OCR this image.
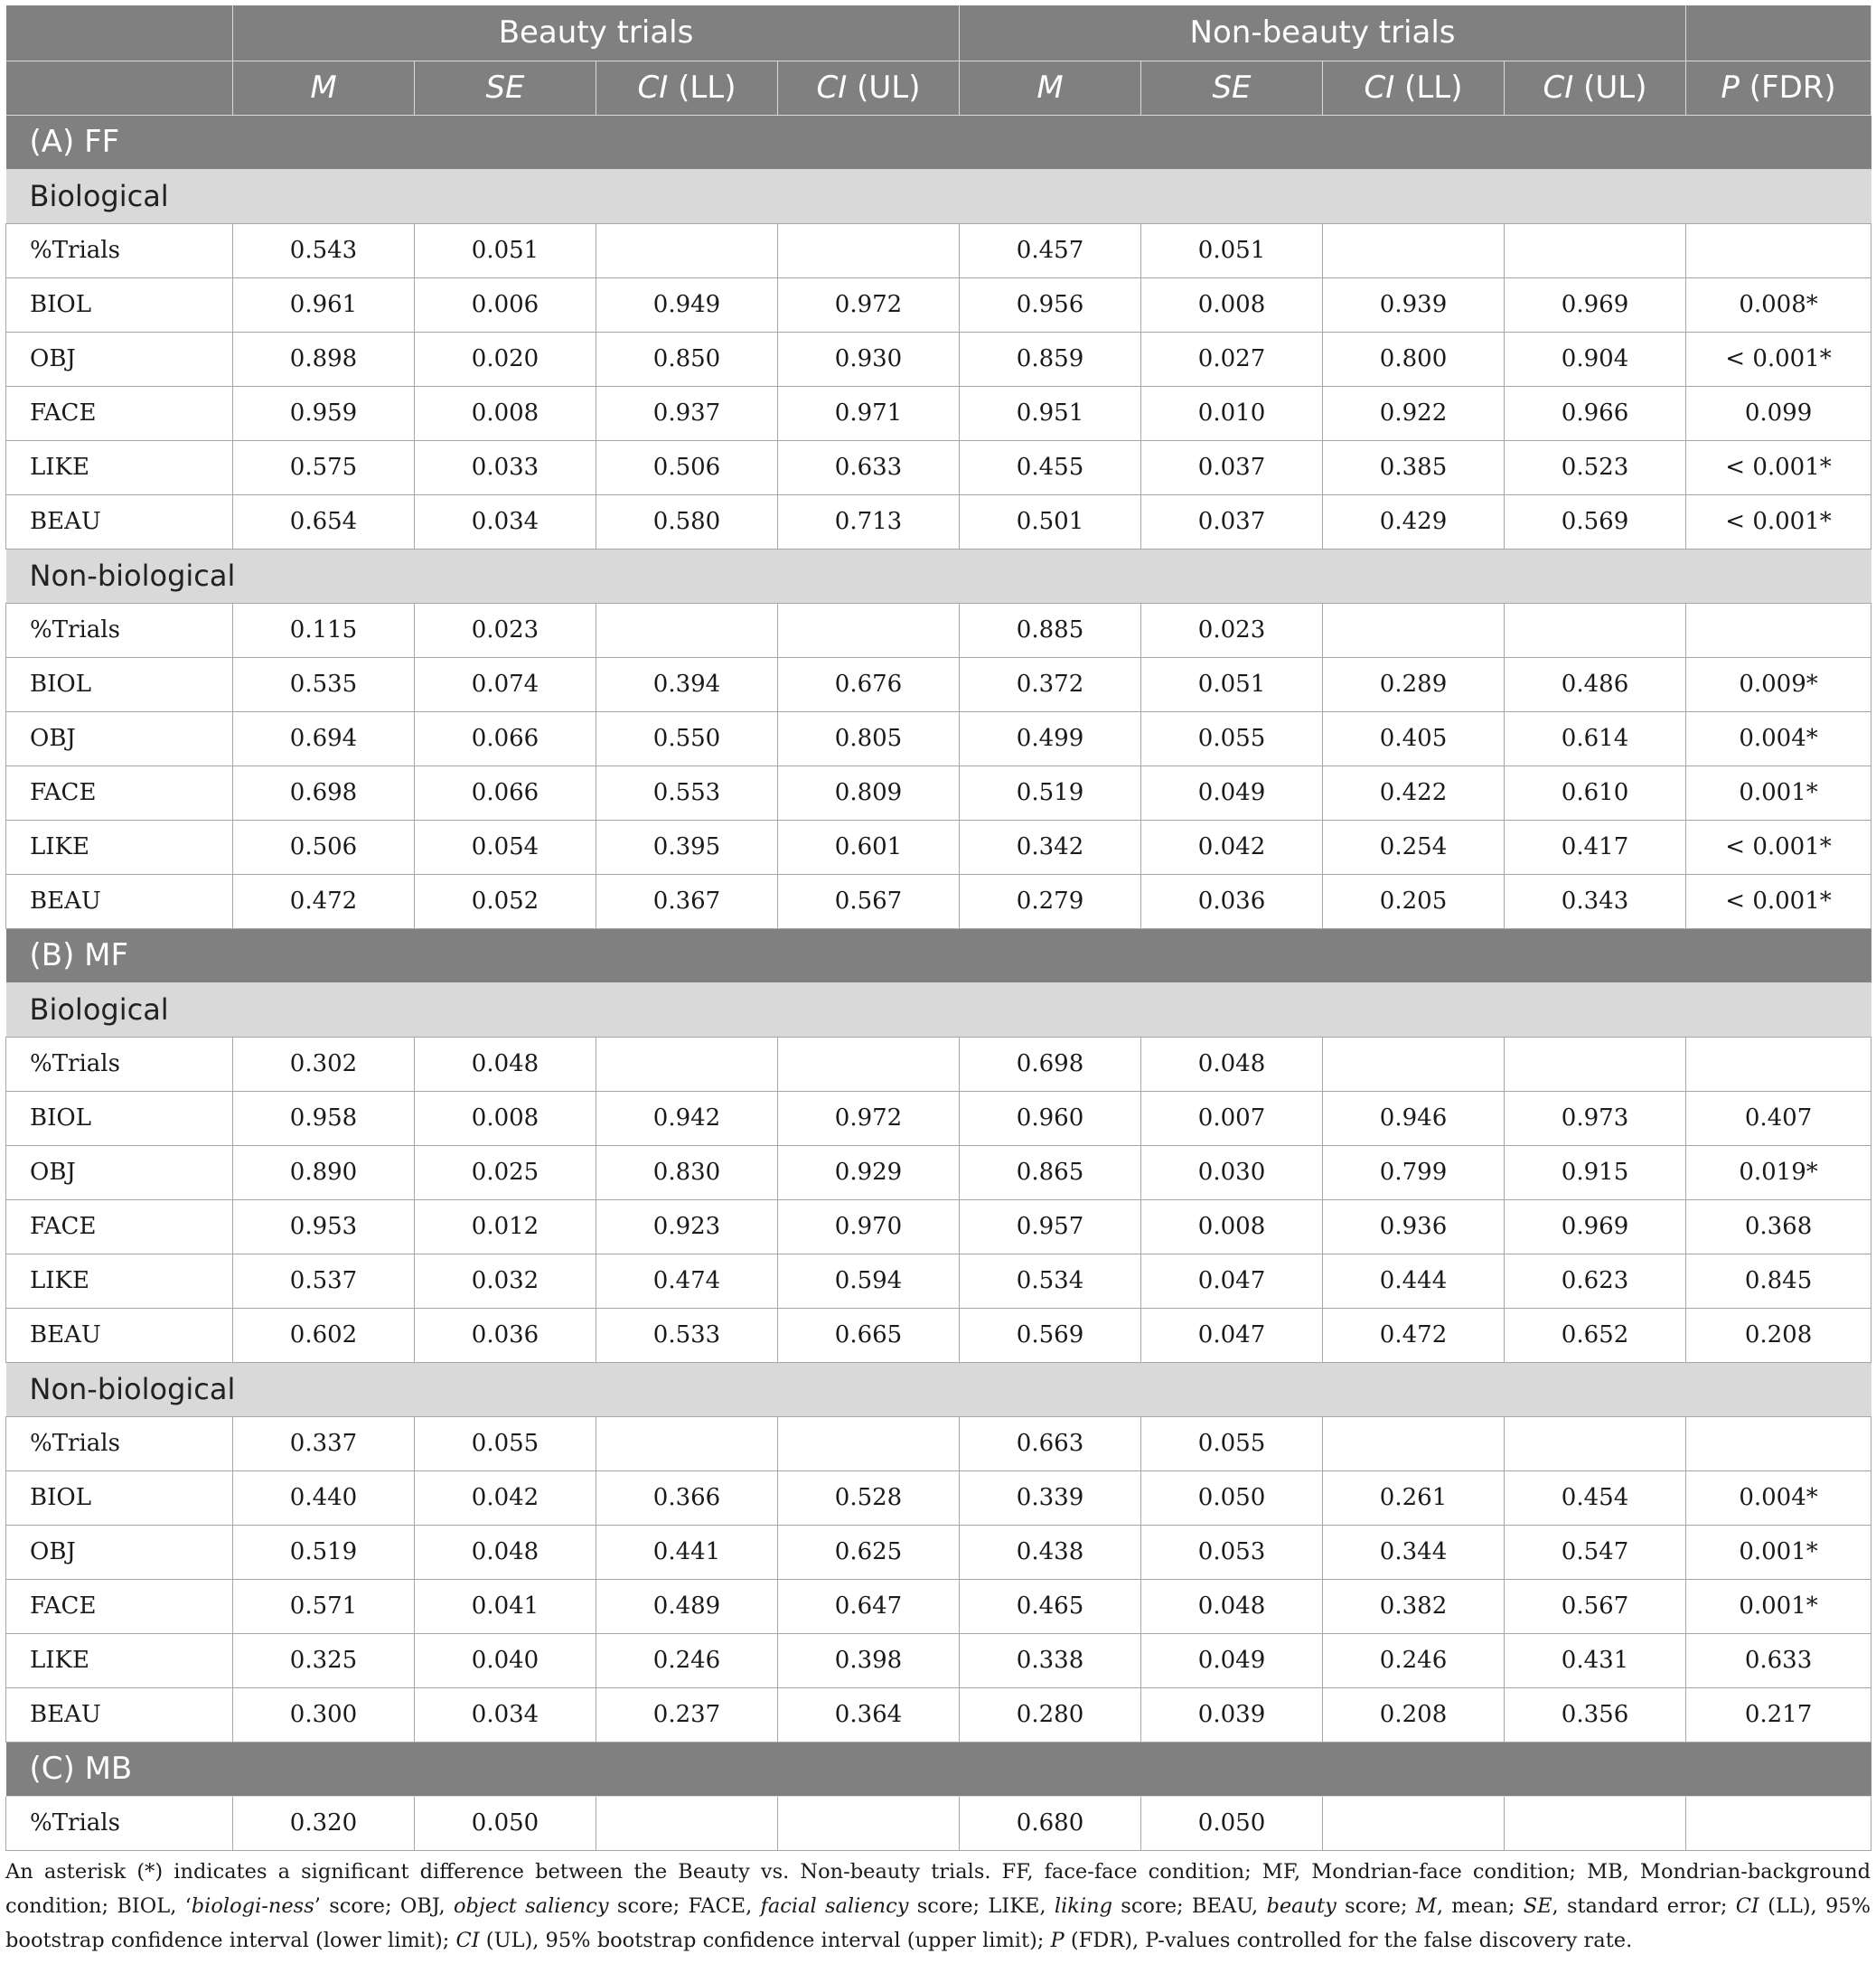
	Beauty trials				Non-beauty trials				
	M	SE	CI (LL)	CI (UL)	M	SE	CI (LL)	CI (UL)	P (FDR)
(A) FF									
Biological									
%Trials	0.543	0.051			0.457	0.051			
BIOL	0.961	0.006	0.949	0.972	0.956	0.008	0.939	0.969	0.008*
OBJ	0.898	0.020	0.850	0.930	0.859	0.027	0.800	0.904	< 0.001*
FACE	0.959	0.008	0.937	0.971	0.951	0.010	0.922	0.966	0.099
LIKE	0.575	0.033	0.506	0.633	0.455	0.037	0.385	0.523	< 0.001*
BEAU	0.654	0.034	0.580	0.713	0.501	0.037	0.429	0.569	< 0.001*
Non-biological									
%Trials	0.115	0.023			0.885	0.023			
BIOL	0.535	0.074	0.394	0.676	0.372	0.051	0.289	0.486	0.009*
OBJ	0.694	0.066	0.550	0.805	0.499	0.055	0.405	0.614	0.004*
FACE	0.698	0.066	0.553	0.809	0.519	0.049	0.422	0.610	0.001*
LIKE	0.506	0.054	0.395	0.601	0.342	0.042	0.254	0.417	< 0.001*
BEAU	0.472	0.052	0.367	0.567	0.279	0.036	0.205	0.343	< 0.001*
(B) MF									
Biological									
%Trials	0.302	0.048			0.698	0.048			
BIOL	0.958	0.008	0.942	0.972	0.960	0.007	0.946	0.973	0.407
OBJ	0.890	0.025	0.830	0.929	0.865	0.030	0.799	0.915	0.019*
FACE	0.953	0.012	0.923	0.970	0.957	0.008	0.936	0.969	0.368
LIKE	0.537	0.032	0.474	0.594	0.534	0.047	0.444	0.623	0.845
BEAU	0.602	0.036	0.533	0.665	0.569	0.047	0.472	0.652	0.208
Non-biological									
%Trials	0.337	0.055			0.663	0.055			
BIOL	0.440	0.042	0.366	0.528	0.339	0.050	0.261	0.454	0.004*
OBJ	0.519	0.048	0.441	0.625	0.438	0.053	0.344	0.547	0.001*
FACE	0.571	0.041	0.489	0.647	0.465	0.048	0.382	0.567	0.001*
LIKE	0.325	0.040	0.246	0.398	0.338	0.049	0.246	0.431	0.633
BEAU	0.300	0.034	0.237	0.364	0.280	0.039	0.208	0.356	0.217
(C) MB									
%Trials	0.320	0.050			0.680	0.050			

An asterisk (*) indicates a significant difference between the Beauty vs. Non-beauty trials. FF, face-face condition; MF, Mondrian-face condition; MB, Mondrian-background condition; BIOL, ‘biologi-ness’ score; OBJ, object saliency score; FACE, facial saliency score; LIKE, liking score; BEAU, beauty score; M, mean; SE, standard error; CI (LL), 95% bootstrap confidence interval (lower limit); CI (UL), 95% bootstrap confidence interval (upper limit); P (FDR), P-values controlled for the false discovery rate.
